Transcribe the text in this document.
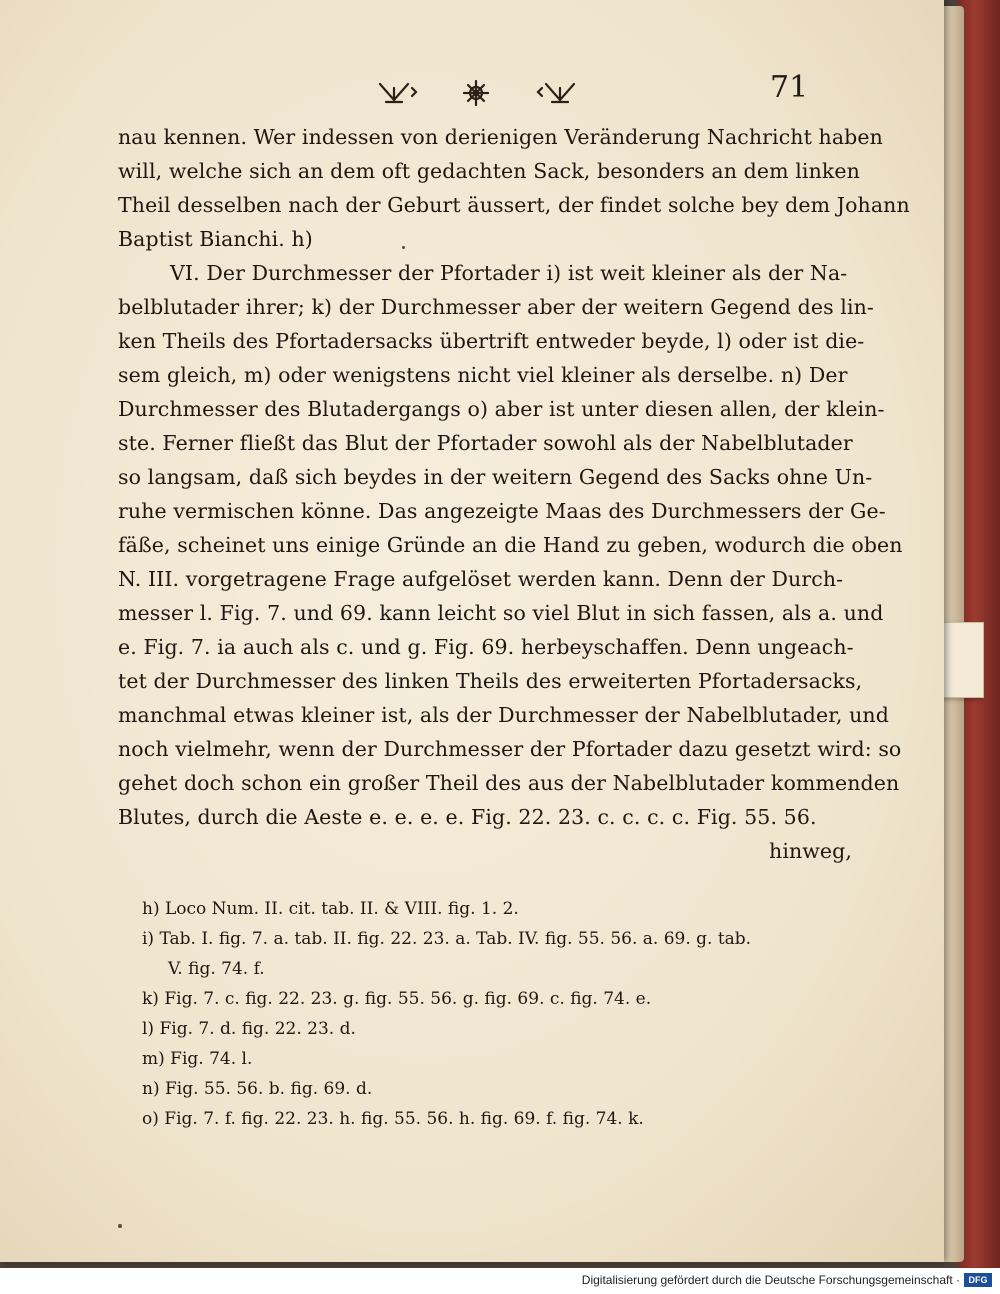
71
nau kennen. Wer indessen von derienigen Veränderung Nachricht haben
will, welche sich an dem oft gedachten Sack, besonders an dem linken
Theil desselben nach der Geburt äussert, der findet solche bey dem Johann
Baptist Bianchi. h)
VI. Der Durchmesser der Pfortader i) ist weit kleiner als der Na-
belblutader ihrer; k) der Durchmesser aber der weitern Gegend des lin-
ken Theils des Pfortadersacks übertrift entweder beyde, l) oder ist die-
sem gleich, m) oder wenigstens nicht viel kleiner als derselbe. n) Der
Durchmesser des Blutadergangs o) aber ist unter diesen allen, der klein-
ste. Ferner fließt das Blut der Pfortader sowohl als der Nabelblutader
so langsam, daß sich beydes in der weitern Gegend des Sacks ohne Un-
ruhe vermischen könne. Das angezeigte Maas des Durchmessers der Ge-
fäße, scheinet uns einige Gründe an die Hand zu geben, wodurch die oben
N. III. vorgetragene Frage aufgelöset werden kann. Denn der Durch-
messer l. Fig. 7. und 69. kann leicht so viel Blut in sich fassen, als a. und
e. Fig. 7. ia auch als c. und g. Fig. 69. herbeyschaffen. Denn ungeach-
tet der Durchmesser des linken Theils des erweiterten Pfortadersacks,
manchmal etwas kleiner ist, als der Durchmesser der Nabelblutader, und
noch vielmehr, wenn der Durchmesser der Pfortader dazu gesetzt wird: so
gehet doch schon ein großer Theil des aus der Nabelblutader kommenden
Blutes, durch die Aeste e. e. e. e. Fig. 22. 23. c. c. c. c. Fig. 55. 56.
hinweg,
h) Loco Num. II. cit. tab. II. & VIII. fig. 1. 2.
i) Tab. I. fig. 7. a. tab. II. fig. 22. 23. a. Tab. IV. fig. 55. 56. a. 69. g. tab.
V. fig. 74. f.
k) Fig. 7. c. fig. 22. 23. g. fig. 55. 56. g. fig. 69. c. fig. 74. e.
l) Fig. 7. d. fig. 22. 23. d.
m) Fig. 74. l.
n) Fig. 55. 56. b. fig. 69. d.
o) Fig. 7. f. fig. 22. 23. h. fig. 55. 56. h. fig. 69. f. fig. 74. k.
Digitalisierung gefördert durch die Deutsche Forschungsgemeinschaft · DFG
